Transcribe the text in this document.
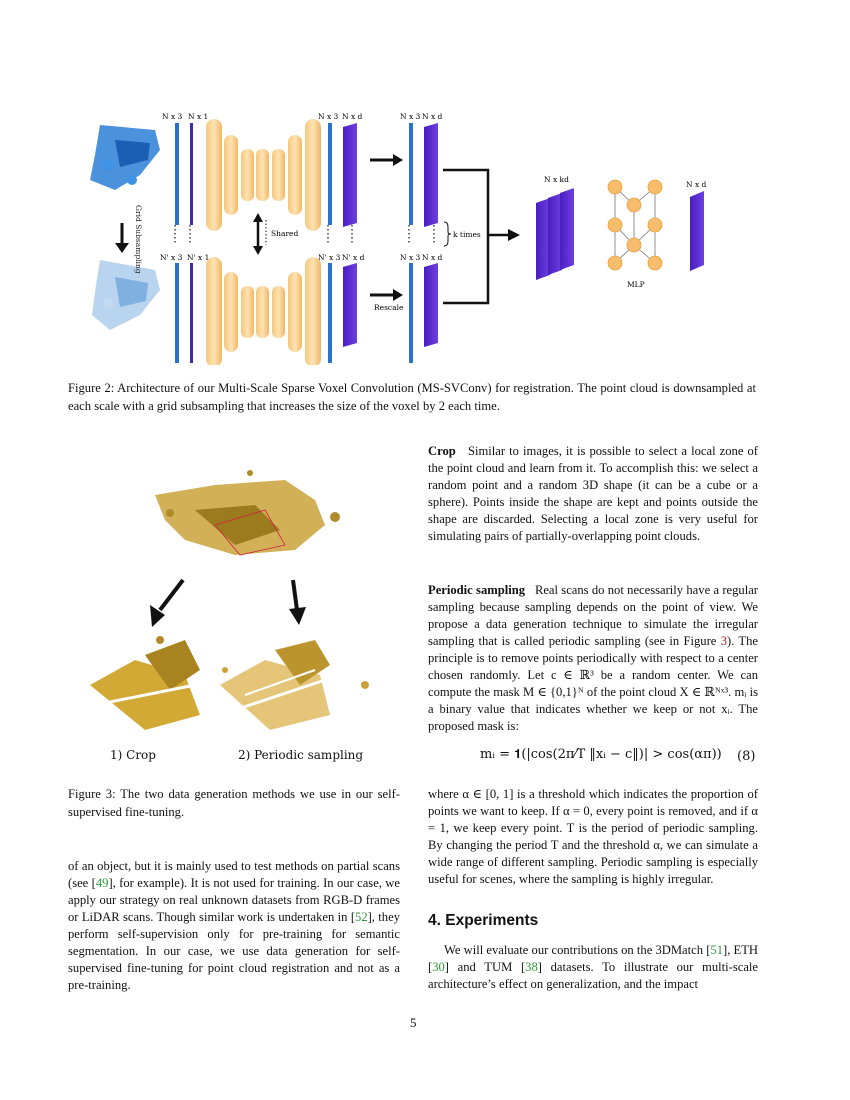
Grid Subsampling
N x 3 N x 1	N x 3 N x d	N x 3 N x d
Shared	k times
Rescale
N' x 3 N' x 1	N' x 3 N' x d	N x 3 N x d
N x kd
MLP
N x d
Figure 2: Architecture of our Multi-Scale Sparse Voxel Convolution (MS-SVConv) for registration. The point cloud is downsampled at each scale with a grid subsampling that increases the size of the voxel by 2 each time.
1) Crop	2) Periodic sampling
Figure 3: The two data generation methods we use in our self-supervised fine-tuning.

of an object, but it is mainly used to test methods on partial scans (see [49], for example). It is not used for training. In our case, we apply our strategy on real unknown datasets from RGB-D frames or LiDAR scans. Though similar work is undertaken in [52], they perform self-supervision only for pre-training for semantic segmentation. In our case, we use data generation for self-supervised fine-tuning for point cloud registration and not as a pre-training.

Crop Similar to images, it is possible to select a local zone of the point cloud and learn from it. To accomplish this: we select a random point and a random 3D shape (it can be a cube or a sphere). Points inside the shape are kept and points outside the shape are discarded. Selecting a local zone is very useful for simulating pairs of partially-overlapping point clouds.

Periodic sampling Real scans do not necessarily have a regular sampling because sampling depends on the point of view. We propose a data generation technique to simulate the irregular sampling that is called periodic sampling (see in Figure 3). The principle is to remove points periodically with respect to a center chosen randomly. Let c ∈ ℝ³ be a random center. We can compute the mask M ∈ {0,1}ᴺ of the point cloud X ∈ ℝᴺˣ³. mᵢ is a binary value that indicates whether we keep or not xᵢ. The proposed mask is:

mᵢ = 𝟏(|cos(2π⁄T ‖xᵢ − c‖)| > cos(απ)) (8)

where α ∈ [0, 1] is a threshold which indicates the proportion of points we want to keep. If α = 0, every point is removed, and if α = 1, we keep every point. T is the period of periodic sampling. By changing the period T and the threshold α, we can simulate a wide range of different sampling. Periodic sampling is especially useful for scenes, where the sampling is highly irregular.

4. Experiments

We will evaluate our contributions on the 3DMatch [51], ETH [30] and TUM [38] datasets. To illustrate our multi-scale architecture’s effect on generalization, and the impact

5
